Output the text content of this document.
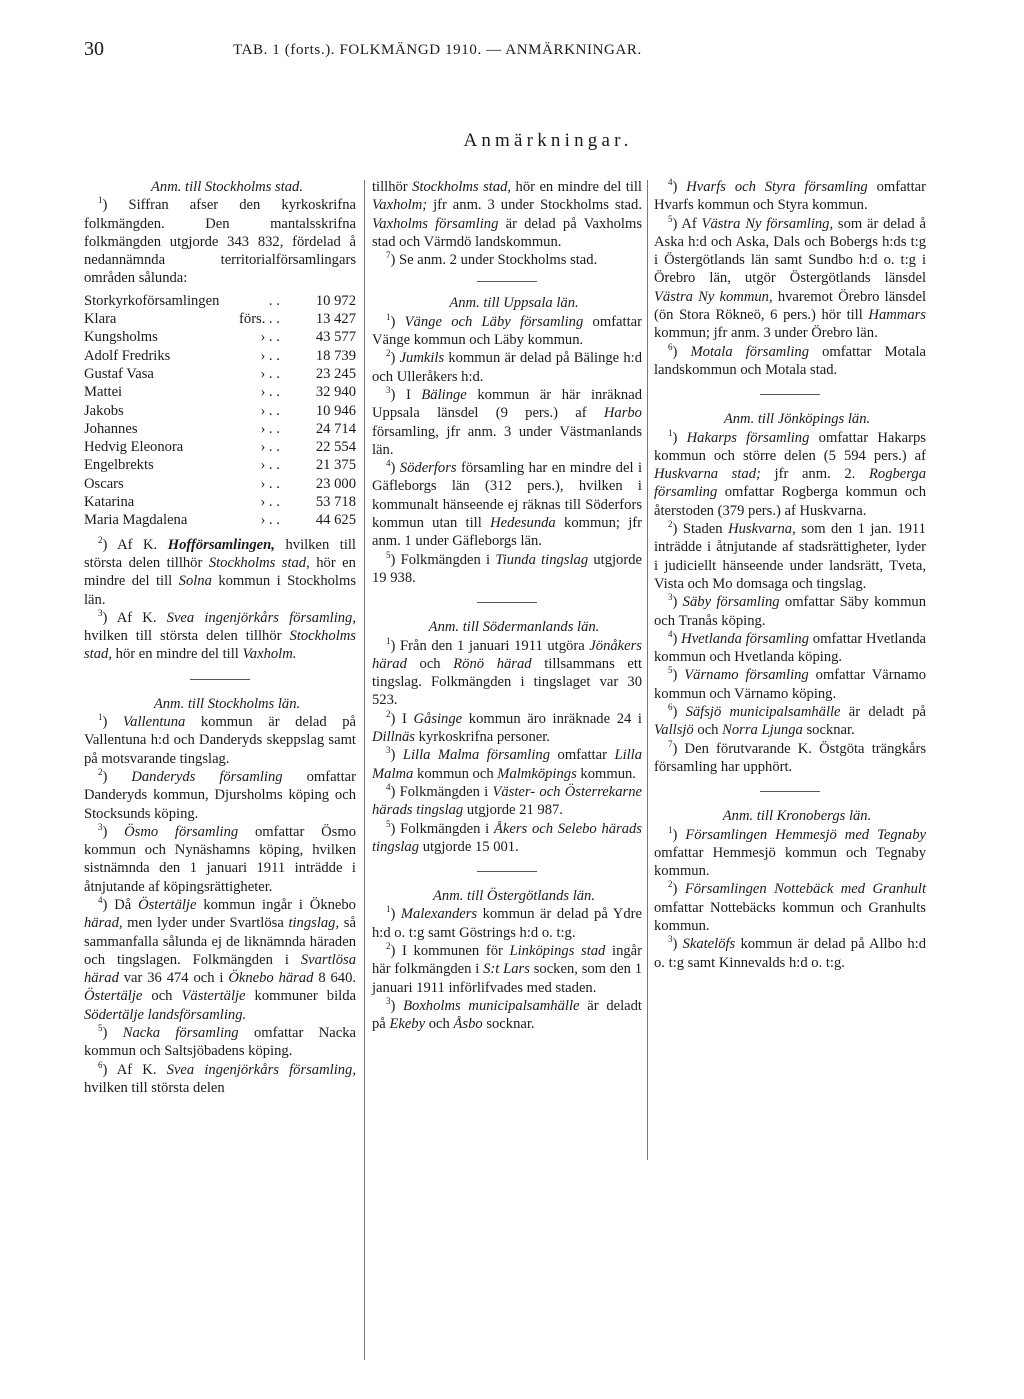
30	TAB. 1 (forts.). FOLKMÄNGD 1910. — ANMÄRKNINGAR.
Anmärkningar.

Anm. till Stockholms stad.

$^1$) Siffran afser den kyrkoskrifna folkmängden. Den mantalsskrifna folkmängden utgjorde 343 832, fördelad å nedannämnda territorialförsamlingars områden sålunda:

Storkyrkoförsamlingen		. .	10 972
Klara	förs.	. .	13 427
Kungsholms	›	. .	43 577
Adolf Fredriks	›	. .	18 739
Gustaf Vasa	›	. .	23 245
Mattei	›	. .	32 940
Jakobs	›	. .	10 946
Johannes	›	. .	24 714
Hedvig Eleonora	›	. .	22 554
Engelbrekts	›	. .	21 375
Oscars	›	. .	23 000
Katarina	›	. .	53 718
Maria Magdalena	›	. .	44 625

$^2$) Af K. Hofförsamlingen, hvilken till största delen tillhör Stockholms stad, hör en mindre del till Solna kommun i Stockholms län.

$^3$) Af K. Svea ingenjörkårs församling, hvilken till största delen tillhör Stockholms stad, hör en mindre del till Vaxholm.

Anm. till Stockholms län.

$^1$) Vallentuna kommun är delad på Vallentuna h:d och Danderyds skeppslag samt på motsvarande tingslag.

$^2$) Danderyds församling omfattar Danderyds kommun, Djursholms köping och Stocksunds köping.

$^3$) Ösmo församling omfattar Ösmo kommun och Nynäshamns köping, hvilken sistnämnda den 1 januari 1911 inträdde i åtnjutande af köpingsrättigheter.

$^4$) Då Östertälje kommun ingår i Öknebo härad, men lyder under Svartlösa tingslag, så sammanfalla sålunda ej de liknämnda häraden och tingslagen. Folkmängden i Svartlösa härad var 36 474 och i Öknebo härad 8 640. Östertälje och Västertälje kommuner bilda Södertälje landsförsamling.

$^5$) Nacka församling omfattar Nacka kommun och Saltsjöbadens köping.

$^6$) Af K. Svea ingenjörkårs församling, hvilken till största delen

tillhör Stockholms stad, hör en mindre del till Vaxholm; jfr anm. 3 under Stockholms stad. Vaxholms församling är delad på Vaxholms stad och Värmdö landskommun.

$^7$) Se anm. 2 under Stockholms stad.

Anm. till Uppsala län.

$^1$) Vänge och Läby församling omfattar Vänge kommun och Läby kommun.

$^2$) Jumkils kommun är delad på Bälinge h:d och Ulleråkers h:d.

$^3$) I Bälinge kommun är här inräknad Uppsala länsdel (9 pers.) af Harbo församling, jfr anm. 3 under Västmanlands län.

$^4$) Söderfors församling har en mindre del i Gäfleborgs län (312 pers.), hvilken i kommunalt hänseende ej räknas till Söderfors kommun utan till Hedesunda kommun; jfr anm. 1 under Gäfleborgs län.

$^5$) Folkmängden i Tiunda tingslag utgjorde 19 938.

Anm. till Södermanlands län.

$^1$) Från den 1 januari 1911 utgöra Jönåkers härad och Rönö härad tillsammans ett tingslag. Folkmängden i tingslaget var 30 523.

$^2$) I Gåsinge kommun äro inräknade 24 i Dillnäs kyrkoskrifna personer.

$^3$) Lilla Malma församling omfattar Lilla Malma kommun och Malmköpings kommun.

$^4$) Folkmängden i Väster- och Österrekarne härads tingslag utgjorde 21 987.

$^5$) Folkmängden i Åkers och Selebo härads tingslag utgjorde 15 001.

Anm. till Östergötlands län.

$^1$) Malexanders kommun är delad på Ydre h:d o. t:g samt Göstrings h:d o. t:g.

$^2$) I kommunen för Linköpings stad ingår här folkmängden i S:t Lars socken, som den 1 januari 1911 införlifvades med staden.

$^3$) Boxholms municipalsamhälle är deladt på Ekeby och Åsbo socknar.

$^4$) Hvarfs och Styra församling omfattar Hvarfs kommun och Styra kommun.

$^5$) Af Västra Ny församling, som är delad å Aska h:d och Aska, Dals och Bobergs h:ds t:g i Östergötlands län samt Sundbo h:d o. t:g i Örebro län, utgör Östergötlands länsdel Västra Ny kommun, hvaremot Örebro länsdel (ön Stora Rökneö, 6 pers.) hör till Hammars kommun; jfr anm. 3 under Örebro län.

$^6$) Motala församling omfattar Motala landskommun och Motala stad.

Anm. till Jönköpings län.

$^1$) Hakarps församling omfattar Hakarps kommun och större delen (5 594 pers.) af Huskvarna stad; jfr anm. 2. Rogberga församling omfattar Rogberga kommun och återstoden (379 pers.) af Huskvarna.

$^2$) Staden Huskvarna, som den 1 jan. 1911 inträdde i åtnjutande af stadsrättigheter, lyder i judiciellt hänseende under landsrätt, Tveta, Vista och Mo domsaga och tingslag.

$^3$) Säby församling omfattar Säby kommun och Tranås köping.

$^4$) Hvetlanda församling omfattar Hvetlanda kommun och Hvetlanda köping.

$^5$) Värnamo församling omfattar Värnamo kommun och Värnamo köping.

$^6$) Säfsjö municipalsamhälle är deladt på Vallsjö och Norra Ljunga socknar.

$^7$) Den förutvarande K. Östgöta trängkårs församling har upphört.

Anm. till Kronobergs län.

$^1$) Församlingen Hemmesjö med Tegnaby omfattar Hemmesjö kommun och Tegnaby kommun.

$^2$) Församlingen Nottebäck med Granhult omfattar Nottebäcks kommun och Granhults kommun.

$^3$) Skatelöfs kommun är delad på Allbo h:d o. t:g samt Kinnevalds h:d o. t:g.
